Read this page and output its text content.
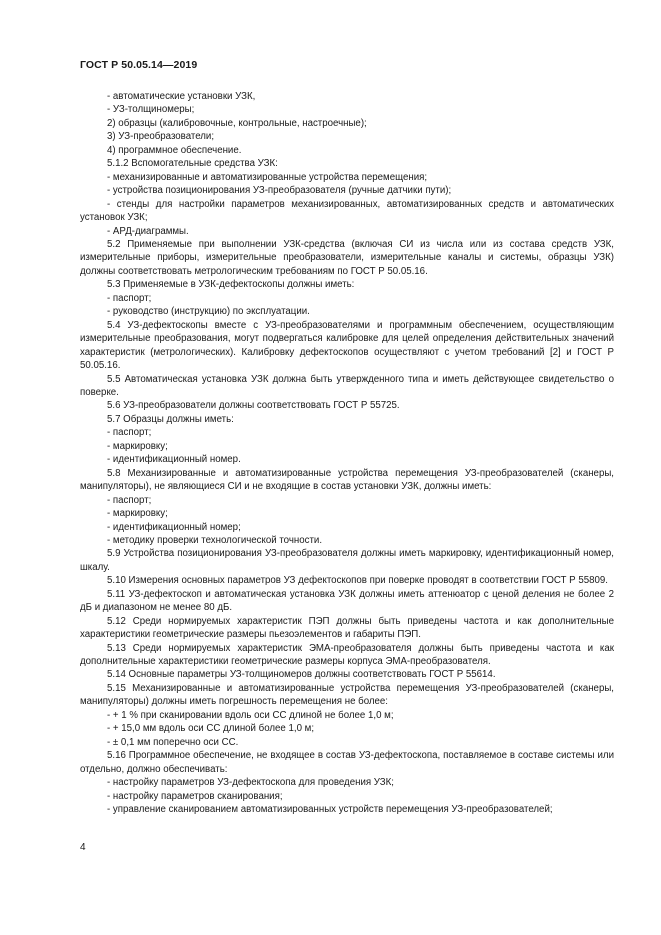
ГОСТ Р 50.05.14—2019

- автоматические установки УЗК,

- УЗ-толщиномеры;

2) образцы (калибровочные, контрольные, настроечные);

3) УЗ-преобразователи;

4) программное обеспечение.

5.1.2 Вспомогательные средства УЗК:

- механизированные и автоматизированные устройства перемещения;

- устройства позиционирования УЗ-преобразователя (ручные датчики пути);

- стенды для настройки параметров механизированных, автоматизированных средств и автоматических установок УЗК;

- АРД-диаграммы.

5.2 Применяемые при выполнении УЗК-средства (включая СИ из числа или из состава средств УЗК, измерительные приборы, измерительные преобразователи, измерительные каналы и системы, образцы УЗК) должны соответствовать метрологическим требованиям по ГОСТ Р 50.05.16.

5.3 Применяемые в УЗК-дефектоскопы должны иметь:

- паспорт;

- руководство (инструкцию) по эксплуатации.

5.4 УЗ-дефектоскопы вместе с УЗ-преобразователями и программным обеспечением, осуществляющим измерительные преобразования, могут подвергаться калибровке для целей определения действительных значений характеристик (метрологических). Калибровку дефектоскопов осуществляют с учетом требований [2] и ГОСТ Р 50.05.16.

5.5 Автоматическая установка УЗК должна быть утвержденного типа и иметь действующее свидетельство о поверке.

5.6 УЗ-преобразователи должны соответствовать ГОСТ Р 55725.

5.7 Образцы должны иметь:

- паспорт;

- маркировку;

- идентификационный номер.

5.8 Механизированные и автоматизированные устройства перемещения УЗ-преобразователей (сканеры, манипуляторы), не являющиеся СИ и не входящие в состав установки УЗК, должны иметь:

- паспорт;

- маркировку;

- идентификационный номер;

- методику проверки технологической точности.

5.9 Устройства позиционирования УЗ-преобразователя должны иметь маркировку, идентификационный номер, шкалу.

5.10 Измерения основных параметров УЗ дефектоскопов при поверке проводят в соответствии ГОСТ Р 55809.

5.11 УЗ-дефектоскоп и автоматическая установка УЗК должны иметь аттенюатор с ценой деления не более 2 дБ и диапазоном не менее 80 дБ.

5.12 Среди нормируемых характеристик ПЭП должны быть приведены частота и как дополнительные характеристики геометрические размеры пьезоэлементов и габариты ПЭП.

5.13 Среди нормируемых характеристик ЭМА-преобразователя должны быть приведены частота и как дополнительные характеристики геометрические размеры корпуса ЭМА-преобразователя.

5.14 Основные параметры УЗ-толщиномеров должны соответствовать ГОСТ Р 55614.

5.15 Механизированные и автоматизированные устройства перемещения УЗ-преобразователей (сканеры, манипуляторы) должны иметь погрешность перемещения не более:

- + 1 % при сканировании вдоль оси СС длиной не более 1,0 м;

- + 15,0 мм вдоль оси СС длиной более 1,0 м;

- ± 0,1 мм поперечно оси СС.

5.16 Программное обеспечение, не входящее в состав УЗ-дефектоскопа, поставляемое в составе системы или отдельно, должно обеспечивать:

- настройку параметров УЗ-дефектоскопа для проведения УЗК;

- настройку параметров сканирования;

- управление сканированием автоматизированных устройств перемещения УЗ-преобразователей;

4
